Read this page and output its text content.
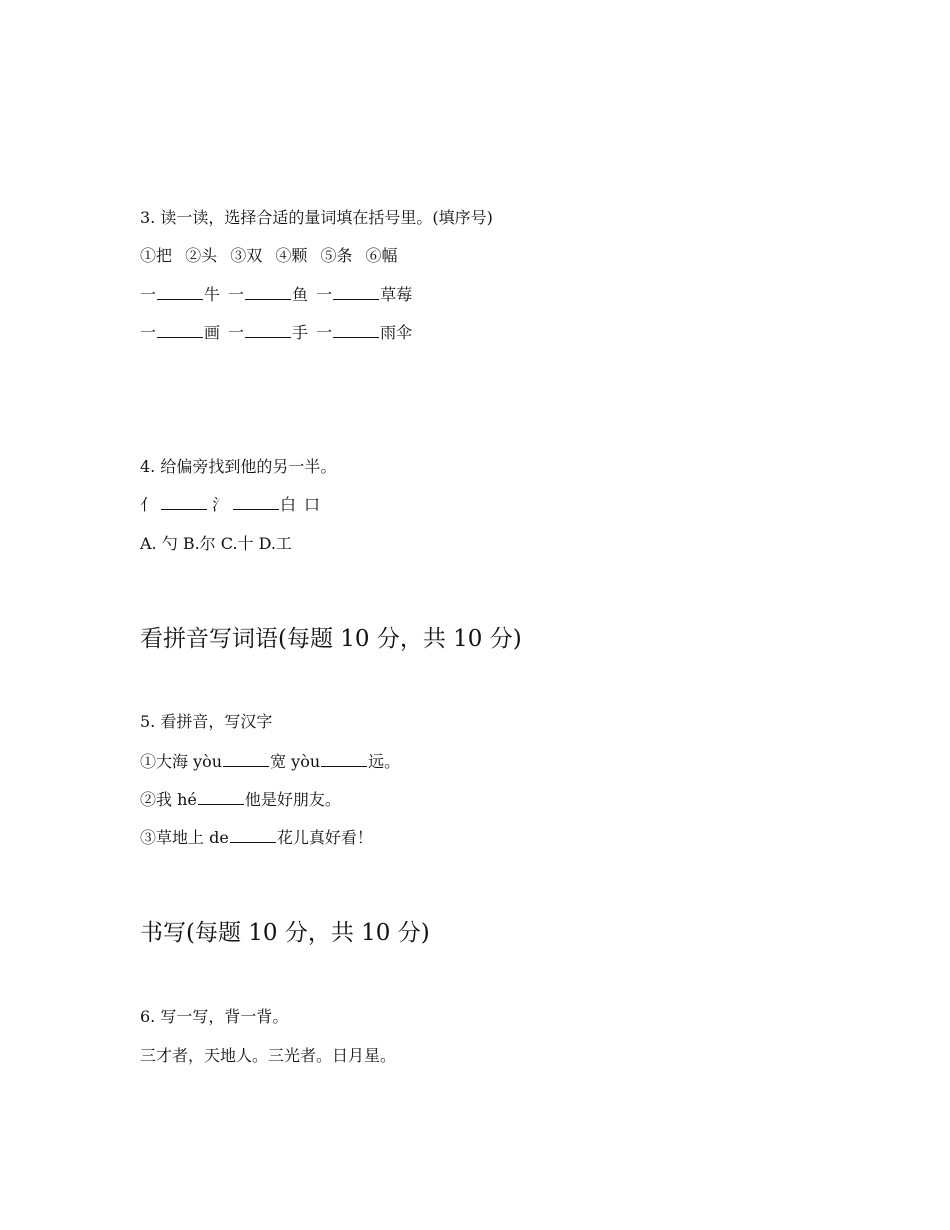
3. 读一读，选择合适的量词填在括号里。(填序号)
①把 ②头 ③双 ④颗 ⑤条 ⑥幅
一	牛 一	鱼 一	草莓
一	画 一	手 一	雨伞
4. 给偏旁找到他的另一半。
亻	氵	白 口
A. 勺 B.尔 C.十 D.工
看拼音写词语(每题 10 分，共 10 分)
5. 看拼音，写汉字
①大海 yòu	宽 yòu	远。
②我 hé	他是好朋友。
③草地上 de	花儿真好看！
书写(每题 10 分，共 10 分)
6. 写一写，背一背。
三才者，天地人。三光者。日月星。
